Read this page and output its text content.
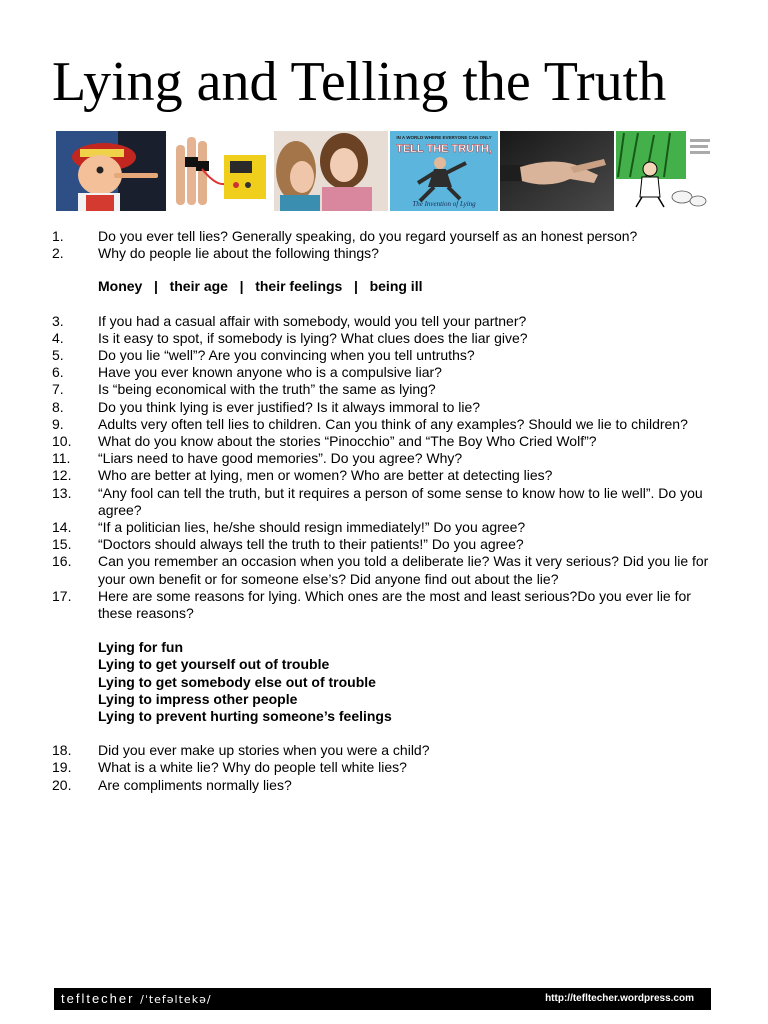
Lying and Telling the Truth
IN A WORLD WHERE EVERYONE CAN ONLY
TELL THE TRUTH,
The Invention of Lying
1. Do you ever tell lies? Generally speaking, do you regard yourself as an honest person?
2. Why do people lie about the following things?
Money   |   their age   |   their feelings   |   being ill
3. If you had a casual affair with somebody, would you tell your partner?
4. Is it easy to spot, if somebody is lying? What clues does the liar give?
5. Do you lie “well”? Are you convincing when you tell untruths?
6. Have you ever known anyone who is a compulsive liar?
7. Is “being economical with the truth” the same as lying?
8. Do you think lying is ever justified? Is it always immoral to lie?
9. Adults very often tell lies to children. Can you think of any examples? Should we lie to children?
10. What do you know about the stories “Pinocchio” and “The Boy Who Cried Wolf”?
11. “Liars need to have good memories”. Do you agree? Why?
12. Who are better at lying, men or women? Who are better at detecting lies?
13. “Any fool can tell the truth, but it requires a person of some sense to know how to lie well”. Do you agree?
14. “If a politician lies, he/she should resign immediately!” Do you agree?
15. “Doctors should always tell the truth to their patients!” Do you agree?
16. Can you remember an occasion when you told a deliberate lie? Was it very serious? Did you lie for your own benefit or for someone else’s? Did anyone find out about the lie?
17. Here are some reasons for lying. Which ones are the most and least serious?Do you ever lie for these reasons?
Lying for fun
Lying to get yourself out of trouble
Lying to get somebody else out of trouble
Lying to impress other people
Lying to prevent hurting someone’s feelings
18. Did you ever make up stories when you were a child?
19. What is a white lie? Why do people tell white lies?
20. Are compliments normally lies?
tefltecher /ˈtefəltekə/	http://tefltecher.wordpress.com
